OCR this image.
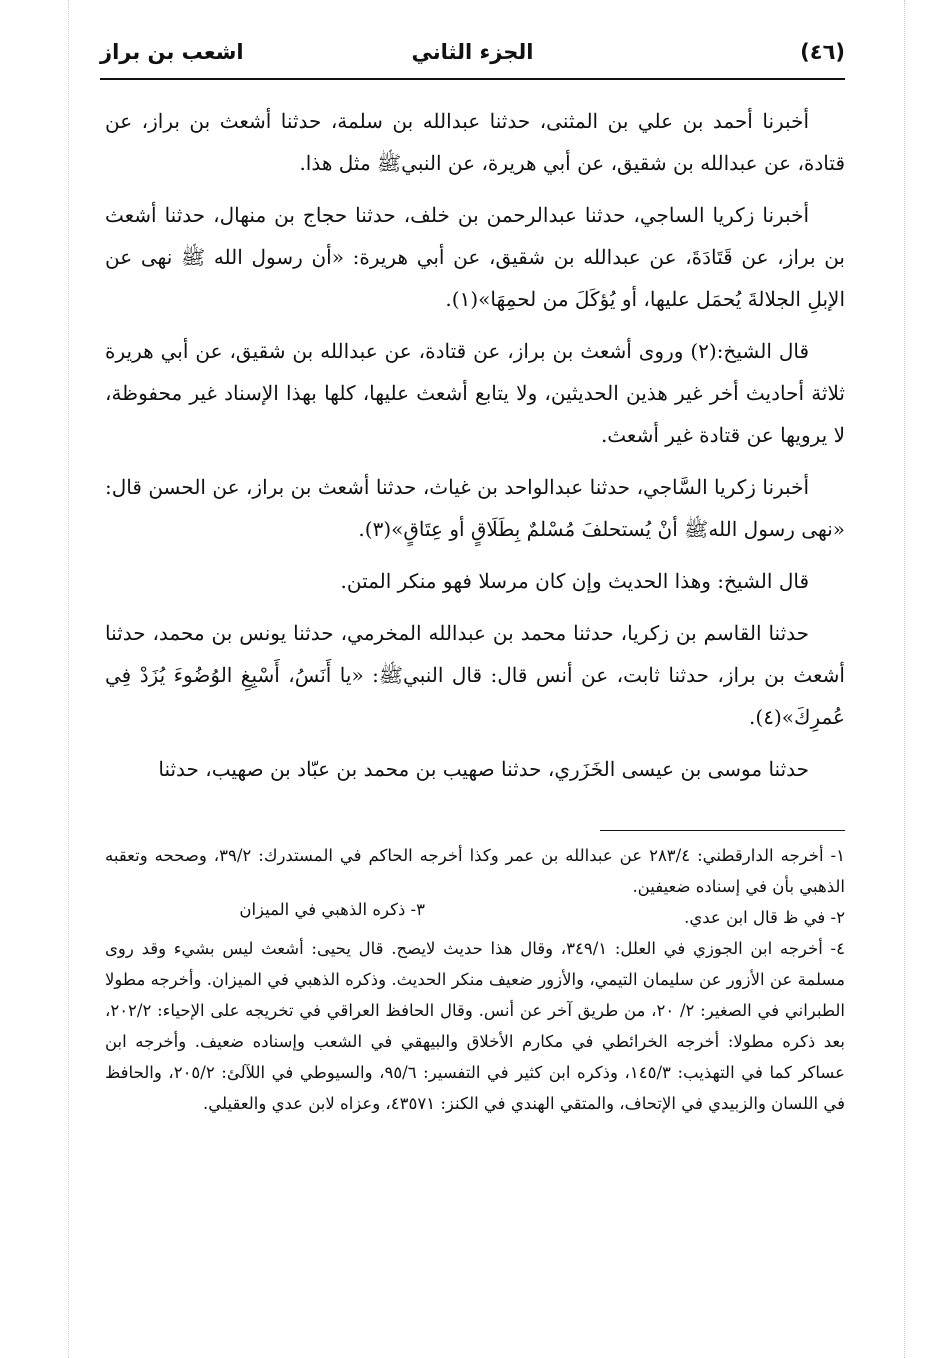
الجزء الثاني	(٤٦)
اشعب بن براز

أخبرنا أحمد بن علي بن المثنى، حدثنا عبدالله بن سلمة، حدثنا أشعث بن براز، عن قتادة، عن عبدالله بن شقيق، عن أبي هريرة، عن النبيﷺ مثل هذا.

أخبرنا زكريا الساجي، حدثنا عبدالرحمن بن خلف، حدثنا حجاج بن منهال، حدثنا أشعث بن براز، عن قَتَادَةَ، عن عبدالله بن شقيق، عن أبي هريرة: «أن رسول الله ﷺ نهى عن الإبلِ الجلالةَ يُحمَل عليها، أو يُؤكَلَ من لحمِهَا»(١).

قال الشيخ:(٢) وروى أشعث بن براز، عن قتادة، عن عبدالله بن شقيق، عن أبي هريرة ثلاثة أحاديث أخر غير هذين الحديثين، ولا يتابع أشعث عليها، كلها بهذا الإسناد غير محفوظة، لا يرويها عن قتادة غير أشعث.

أخبرنا زكريا السَّاجي، حدثنا عبدالواحد بن غياث، حدثنا أشعث بن براز، عن الحسن قال: «نهى رسول اللهﷺ أنْ يُستحلفَ مُسْلمٌ بِطَلَاقٍ أو عِتَاقٍ»(٣).

قال الشيخ: وهذا الحديث وإن كان مرسلا فهو منكر المتن.

حدثنا القاسم بن زكريا، حدثنا محمد بن عبدالله المخرمي، حدثنا يونس بن محمد، حدثنا أشعث بن براز، حدثنا ثابت، عن أنس قال: قال النبيﷺ: «يا أَنَسُ، أَسْبِغِ الوُضُوءَ يُزَدْ فِي عُمرِكَ»(٤).

حدثنا موسى بن عيسى الخَزَري، حدثنا صهيب بن محمد بن عبّاد بن صهيب، حدثنا

١- أخرجه الدارقطني: ٢٨٣/٤ عن عبدالله بن عمر وكذا أخرجه الحاكم في المستدرك: ٣٩/٢، وصححه وتعقبه الذهبي بأن في إسناده ضعيفين.

٢- في ظ قال ابن عدي.
٣- ذكره الذهبي في الميزان

٤- أخرجه ابن الجوزي في العلل: ٣٤٩/١، وقال هذا حديث لايصح. قال يحيى: أشعث ليس بشيء وقد روى مسلمة عن الأزور عن سليمان التيمي، والأزور ضعيف منكر الحديث. وذكره الذهبي في الميزان. وأخرجه مطولا الطبراني في الصغير: ٢/ ٢٠، من طريق آخر عن أنس. وقال الحافظ العراقي في تخريجه على الإحياء: ٢٠٢/٢، بعد ذكره مطولا: أخرجه الخرائطي في مكارم الأخلاق والبيهقي في الشعب وإسناده ضعيف. وأخرجه ابن عساكر كما في التهذيب: ١٤٥/٣، وذكره ابن كثير في التفسير: ٩٥/٦، والسيوطي في اللآلئ: ٢٠٥/٢، والحافظ في اللسان والزبيدي في الإتحاف، والمتقي الهندي في الكنز: ٤٣٥٧١، وعزاه لابن عدي والعقيلي.
